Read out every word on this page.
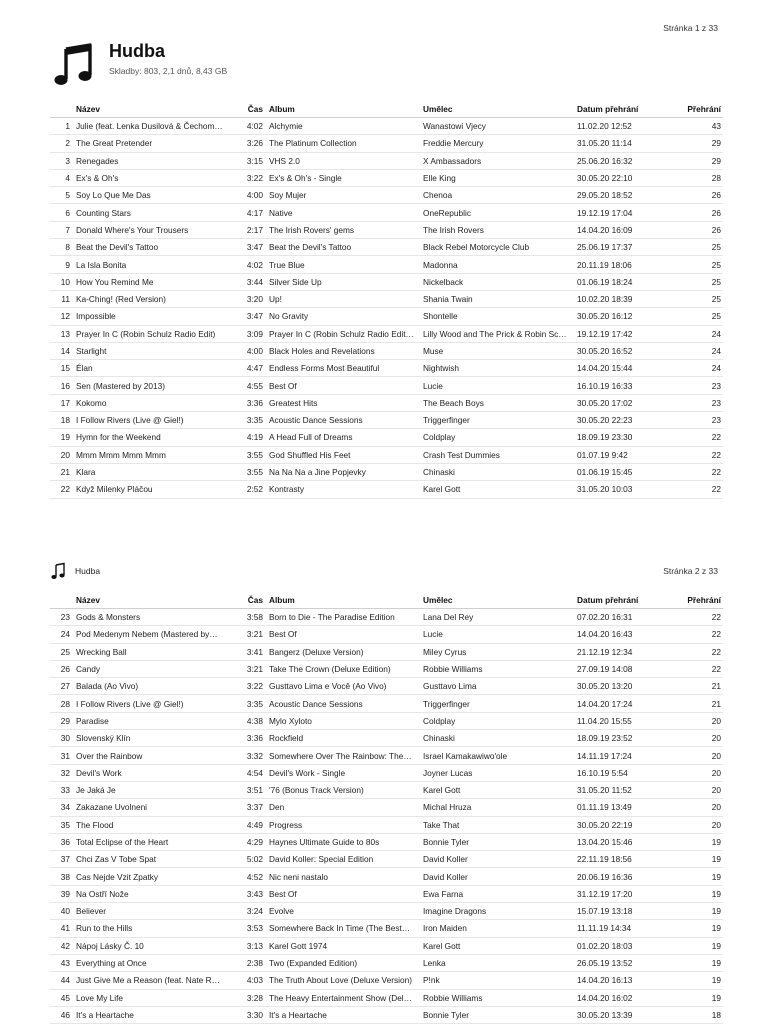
Stránka 1 z 33
Hudba
Skladby: 803, 2,1 dnů, 8,43 GB
	Název	Čas	Album	Umělec	Datum přehrání	Přehrání
1	Julie (feat. Lenka Dusilová & Čechom…	4:02	Alchymie	Wanastowi Vjecy	11.02.20 12:52	43
2	The Great Pretender	3:26	The Platinum Collection	Freddie Mercury	31.05.20 11:14	29
3	Renegades	3:15	VHS 2.0	X Ambassadors	25.06.20 16:32	29
4	Ex's & Oh's	3:22	Ex's & Oh's - Single	Elle King	30.05.20 22:10	28
5	Soy Lo Que Me Das	4:00	Soy Mujer	Chenoa	29.05.20 18:52	26
6	Counting Stars	4:17	Native	OneRepublic	19.12.19 17:04	26
7	Donald Where's Your Trousers	2:17	The Irish Rovers' gems	The Irish Rovers	14.04.20 16:09	26
8	Beat the Devil's Tattoo	3:47	Beat the Devil's Tattoo	Black Rebel Motorcycle Club	25.06.19 17:37	25
9	La Isla Bonita	4:02	True Blue	Madonna	20.11.19 18:06	25
10	How You Remind Me	3:44	Silver Side Up	Nickelback	01.06.19 18:24	25
11	Ka-Ching! (Red Version)	3:20	Up!	Shania Twain	10.02.20 18:39	25
12	Impossible	3:47	No Gravity	Shontelle	30.05.20 16:12	25
13	Prayer In C (Robin Schulz Radio Edit)	3:09	Prayer In C (Robin Schulz Radio Edit…	Lilly Wood and The Prick & Robin Sc…	19.12.19 17:42	24
14	Starlight	4:00	Black Holes and Revelations	Muse	30.05.20 16:52	24
15	Élan	4:47	Endless Forms Most Beautiful	Nightwish	14.04.20 15:44	24
16	Sen (Mastered by 2013)	4:55	Best Of	Lucie	16.10.19 16:33	23
17	Kokomo	3:36	Greatest Hits	The Beach Boys	30.05.20 17:02	23
18	I Follow Rivers (Live @ Giel!)	3:35	Acoustic Dance Sessions	Triggerfinger	30.05.20 22:23	23
19	Hymn for the Weekend	4:19	A Head Full of Dreams	Coldplay	18.09.19 23:30	22
20	Mmm Mmm Mmm Mmm	3:55	God Shuffled His Feet	Crash Test Dummies	01.07.19 9:42	22
21	Klara	3:55	Na Na Na a Jine Popjevky	Chinaski	01.06.19 15:45	22
22	Když Milenky Pláčou	2:52	Kontrasty	Karel Gott	31.05.20 10:03	22
Hudba	Stránka 2 z 33
	Název	Čas	Album	Umělec	Datum přehrání	Přehrání
23	Gods & Monsters	3:58	Born to Die - The Paradise Edition	Lana Del Rey	07.02.20 16:31	22
24	Pod Medenym Nebem (Mastered by…	3:21	Best Of	Lucie	14.04.20 16:43	22
25	Wrecking Ball	3:41	Bangerz (Deluxe Version)	Miley Cyrus	21.12.19 12:34	22
26	Candy	3:21	Take The Crown (Deluxe Edition)	Robbie Williams	27.09.19 14:08	22
27	Balada (Ao Vivo)	3:22	Gusttavo Lima e Você (Ao Vivo)	Gusttavo Lima	30.05.20 13:20	21
28	I Follow Rivers (Live @ Giel!)	3:35	Acoustic Dance Sessions	Triggerfinger	14.04.20 17:24	21
29	Paradise	4:38	Mylo Xyloto	Coldplay	11.04.20 15:55	20
30	Slovenský Klín	3:36	Rockfield	Chinaski	18.09.19 23:52	20
31	Over the Rainbow	3:32	Somewhere Over The Rainbow: The…	Israel Kamakawiwo'ole	14.11.19 17:24	20
32	Devil's Work	4:54	Devil's Work - Single	Joyner Lucas	16.10.19 5:54	20
33	Je Jaká Je	3:51	'76 (Bonus Track Version)	Karel Gott	31.05.20 11:52	20
34	Zakazane Uvolneni	3:37	Den	Michal Hruza	01.11.19 13:49	20
35	The Flood	4:49	Progress	Take That	30.05.20 22:19	20
36	Total Eclipse of the Heart	4:29	Haynes Ultimate Guide to 80s	Bonnie Tyler	13.04.20 15:46	19
37	Chci Zas V Tobe Spat	5:02	David Koller: Special Edition	David Koller	22.11.19 18:56	19
38	Cas Nejde Vzit Zpatky	4:52	Nic neni nastalo	David Koller	20.06.19 16:36	19
39	Na Ostří Nože	3:43	Best Of	Ewa Farna	31.12.19 17:20	19
40	Believer	3:24	Evolve	Imagine Dragons	15.07.19 13:18	19
41	Run to the Hills	3:53	Somewhere Back In Time (The Best…	Iron Maiden	11.11.19 14:34	19
42	Nápoj Lásky Č. 10	3:13	Karel Gott 1974	Karel Gott	01.02.20 18:03	19
43	Everything at Once	2:38	Two (Expanded Edition)	Lenka	26.05.19 13:52	19
44	Just Give Me a Reason (feat. Nate R…	4:03	The Truth About Love (Deluxe Version)	P!nk	14.04.20 16:13	19
45	Love My Life	3:28	The Heavy Entertainment Show (Del…	Robbie Williams	14.04.20 16:02	19
46	It's a Heartache	3:30	It's a Heartache	Bonnie Tyler	30.05.20 13:39	18
